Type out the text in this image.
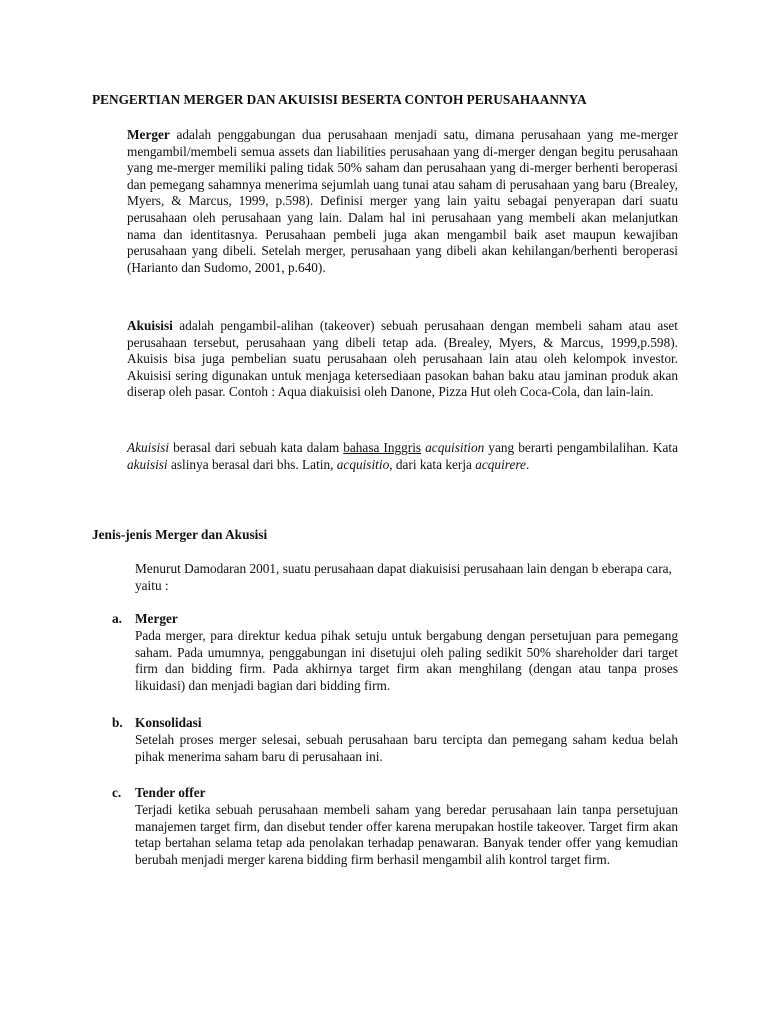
PENGERTIAN MERGER DAN AKUISISI BESERTA CONTOH PERUSAHAANNYA

Merger adalah penggabungan dua perusahaan menjadi satu, dimana perusahaan yang me-merger mengambil/membeli semua assets dan liabilities perusahaan yang di-merger dengan begitu perusahaan yang me-merger memiliki paling tidak 50% saham dan perusahaan yang di-merger berhenti beroperasi dan pemegang sahamnya menerima sejumlah uang tunai atau saham di perusahaan yang baru (Brealey, Myers, & Marcus, 1999, p.598). Definisi merger yang lain yaitu sebagai penyerapan dari suatu perusahaan oleh perusahaan yang lain. Dalam hal ini perusahaan yang membeli akan melanjutkan nama dan identitasnya. Perusahaan pembeli juga akan mengambil baik aset maupun kewajiban perusahaan yang dibeli. Setelah merger, perusahaan yang dibeli akan kehilangan/berhenti beroperasi (Harianto dan Sudomo, 2001, p.640).

Akuisisi adalah pengambil-alihan (takeover) sebuah perusahaan dengan membeli saham atau aset perusahaan tersebut, perusahaan yang dibeli tetap ada. (Brealey, Myers, & Marcus, 1999,p.598). Akuisis bisa juga pembelian suatu perusahaan oleh perusahaan lain atau oleh kelompok investor. Akuisisi sering digunakan untuk menjaga ketersediaan pasokan bahan baku atau jaminan produk akan diserap oleh pasar. Contoh : Aqua diakuisisi oleh Danone, Pizza Hut oleh Coca-Cola, dan lain-lain.

Akuisisi berasal dari sebuah kata dalam bahasa Inggris acquisition yang berarti pengambilalihan. Kata akuisisi aslinya berasal dari bhs. Latin, acquisitio, dari kata kerja acquirere.

Jenis-jenis Merger dan Akusisi

Menurut Damodaran 2001, suatu perusahaan dapat diakuisisi perusahaan lain dengan b eberapa cara, yaitu :

a. Merger

Pada merger, para direktur kedua pihak setuju untuk bergabung dengan persetujuan para pemegang saham. Pada umumnya, penggabungan ini disetujui oleh paling sedikit 50% shareholder dari target firm dan bidding firm. Pada akhirnya target firm akan menghilang (dengan atau tanpa proses likuidasi) dan menjadi bagian dari bidding firm.

b. Konsolidasi

Setelah proses merger selesai, sebuah perusahaan baru tercipta dan pemegang saham kedua belah pihak menerima saham baru di perusahaan ini.

c. Tender offer

Terjadi ketika sebuah perusahaan membeli saham yang beredar perusahaan lain tanpa persetujuan manajemen target firm, dan disebut tender offer karena merupakan hostile takeover. Target firm akan tetap bertahan selama tetap ada penolakan terhadap penawaran. Banyak tender offer yang kemudian berubah menjadi merger karena bidding firm berhasil mengambil alih kontrol target firm.
